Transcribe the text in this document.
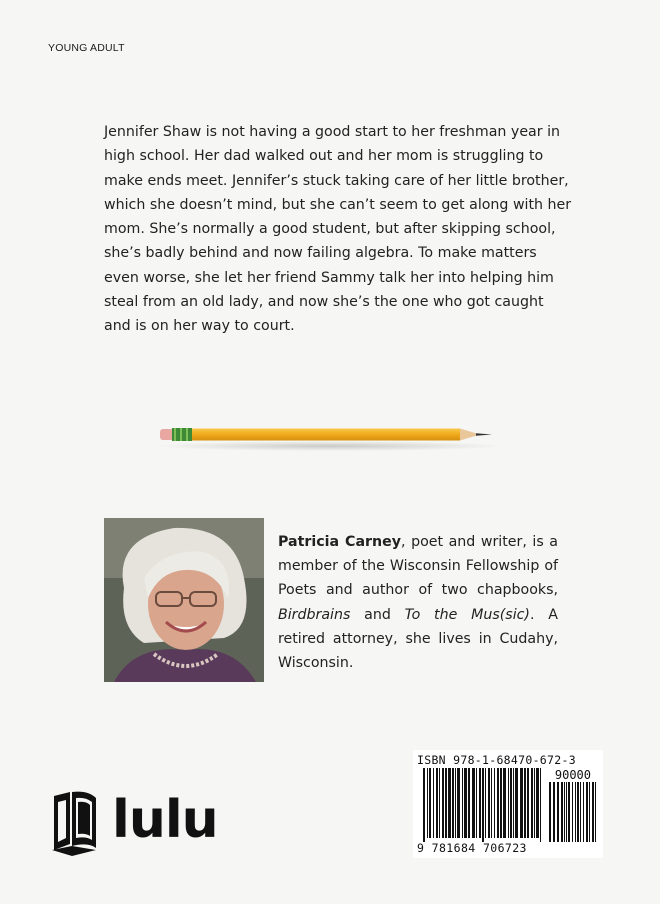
YOUNG ADULT

Jennifer Shaw is not having a good start to her freshman year in high school. Her dad walked out and her mom is struggling to make ends meet. Jennifer’s stuck taking care of her little brother, which she doesn’t mind, but she can’t seem to get along with her mom. She’s normally a good student, but after skipping school, she’s badly behind and now failing algebra. To make matters even worse, she let her friend Sammy talk her into helping him steal from an old lady, and now she’s the one who got caught and is on her way to court.

Patricia Carney, poet and writer, is a member of the Wisconsin Fellowship of Poets and author of two chapbooks, Birdbrains and To the Mus(sic). A retired attorney, she lives in Cudahy, Wisconsin.

ISBN 978-1-68470-672-3
90000
9 781684 706723
lulu
